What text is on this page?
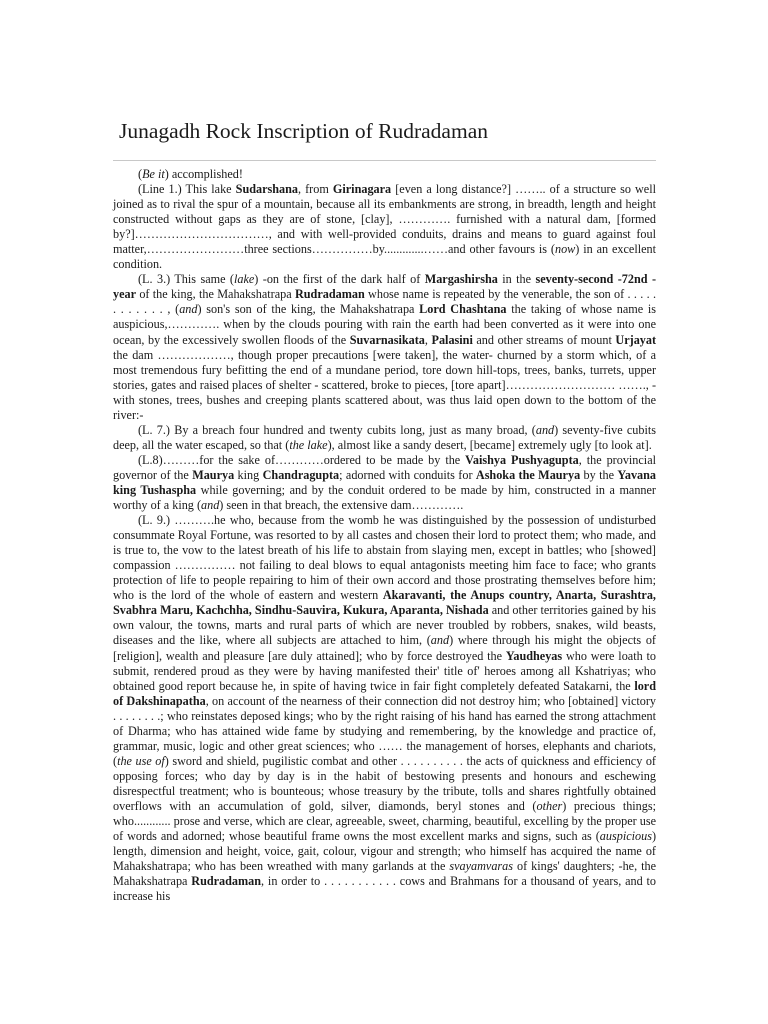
Junagadh Rock Inscription of Rudradaman

(Be it) accomplished!

(Line 1.) This lake Sudarshana, from Girinagara [even a long distance?] …….. of a structure so well joined as to rival the spur of a mountain, because all its embankments are strong, in breadth, length and height constructed without gaps as they are of stone, [clay], …………. furnished with a natural dam, [formed by?]……………………………, and with well-provided conduits, drains and means to guard against foul matter,……………………three sections……………by.............……and other favours is (now) in an excellent condition.

(L. 3.) This same (lake) -on the first of the dark half of Margashirsha in the seventy-second -72nd - year of the king, the Mahakshatrapa Rudradaman whose name is repeated by the venerable, the son of . . . . . . . . . . . . , (and) son's son of the king, the Mahakshatrapa Lord Chashtana the taking of whose name is auspicious,…………. when by the clouds pouring with rain the earth had been converted as it were into one ocean, by the excessively swollen floods of the Suvarnasikata, Palasini and other streams of mount Urjayat the dam ………………, though proper precautions [were taken], the water- churned by a storm which, of a most tremendous fury befitting the end of a mundane period, tore down hill-tops, trees, banks, turrets, upper stories, gates and raised places of shelter - scattered, broke to pieces, [tore apart]……………………… ……., -with stones, trees, bushes and creeping plants scattered about, was thus laid open down to the bottom of the river:-

(L. 7.) By a breach four hundred and twenty cubits long, just as many broad, (and) seventy-five cubits deep, all the water escaped, so that (the lake), almost like a sandy desert, [became] extremely ugly [to look at].

(L.8)………for the sake of…………ordered to be made by the Vaishya Pushyagupta, the provincial governor of the Maurya king Chandragupta; adorned with conduits for Ashoka the Maurya by the Yavana king Tushaspha while governing; and by the conduit ordered to be made by him, constructed in a manner worthy of a king (and) seen in that breach, the extensive dam………….

(L. 9.) ……….he who, because from the womb he was distinguished by the possession of undisturbed consummate Royal Fortune, was resorted to by all castes and chosen their lord to protect them; who made, and is true to, the vow to the latest breath of his life to abstain from slaying men, except in battles; who [showed] compassion …………… not failing to deal blows to equal antagonists meeting him face to face; who grants protection of life to people repairing to him of their own accord and those prostrating themselves before him; who is the lord of the whole of eastern and western Akaravanti, the Anups country, Anarta, Surashtra, Svabhra Maru, Kachchha, Sindhu-Sauvira, Kukura, Aparanta, Nishada and other territories gained by his own valour, the towns, marts and rural parts of which are never troubled by robbers, snakes, wild beasts, diseases and the like, where all subjects are attached to him, (and) where through his might the objects of [religion], wealth and pleasure [are duly attained]; who by force destroyed the Yaudheyas who were loath to submit, rendered proud as they were by having manifested their' title of' heroes among all Kshatriyas; who obtained good report because he, in spite of having twice in fair fight completely defeated Satakarni, the lord of Dakshinapatha, on account of the nearness of their connection did not destroy him; who [obtained] victory . . . . . . . .; who reinstates deposed kings; who by the right raising of his hand has earned the strong attachment of Dharma; who has attained wide fame by studying and remembering, by the knowledge and practice of, grammar, music, logic and other great sciences; who …… the management of horses, elephants and chariots, (the use of) sword and shield, pugilistic combat and other . . . . . . . . . . the acts of quickness and efficiency of opposing forces; who day by day is in the habit of bestowing presents and honours and eschewing disrespectful treatment; who is bounteous; whose treasury by the tribute, tolls and shares rightfully obtained overflows with an accumulation of gold, silver, diamonds, beryl stones and (other) precious things; who............ prose and verse, which are clear, agreeable, sweet, charming, beautiful, excelling by the proper use of words and adorned; whose beautiful frame owns the most excellent marks and signs, such as (auspicious) length, dimension and height, voice, gait, colour, vigour and strength; who himself has acquired the name of Mahakshatrapa; who has been wreathed with many garlands at the svayamvaras of kings' daughters; -he, the Mahakshatrapa Rudradaman, in order to . . . . . . . . . . . cows and Brahmans for a thousand of years, and to increase his
